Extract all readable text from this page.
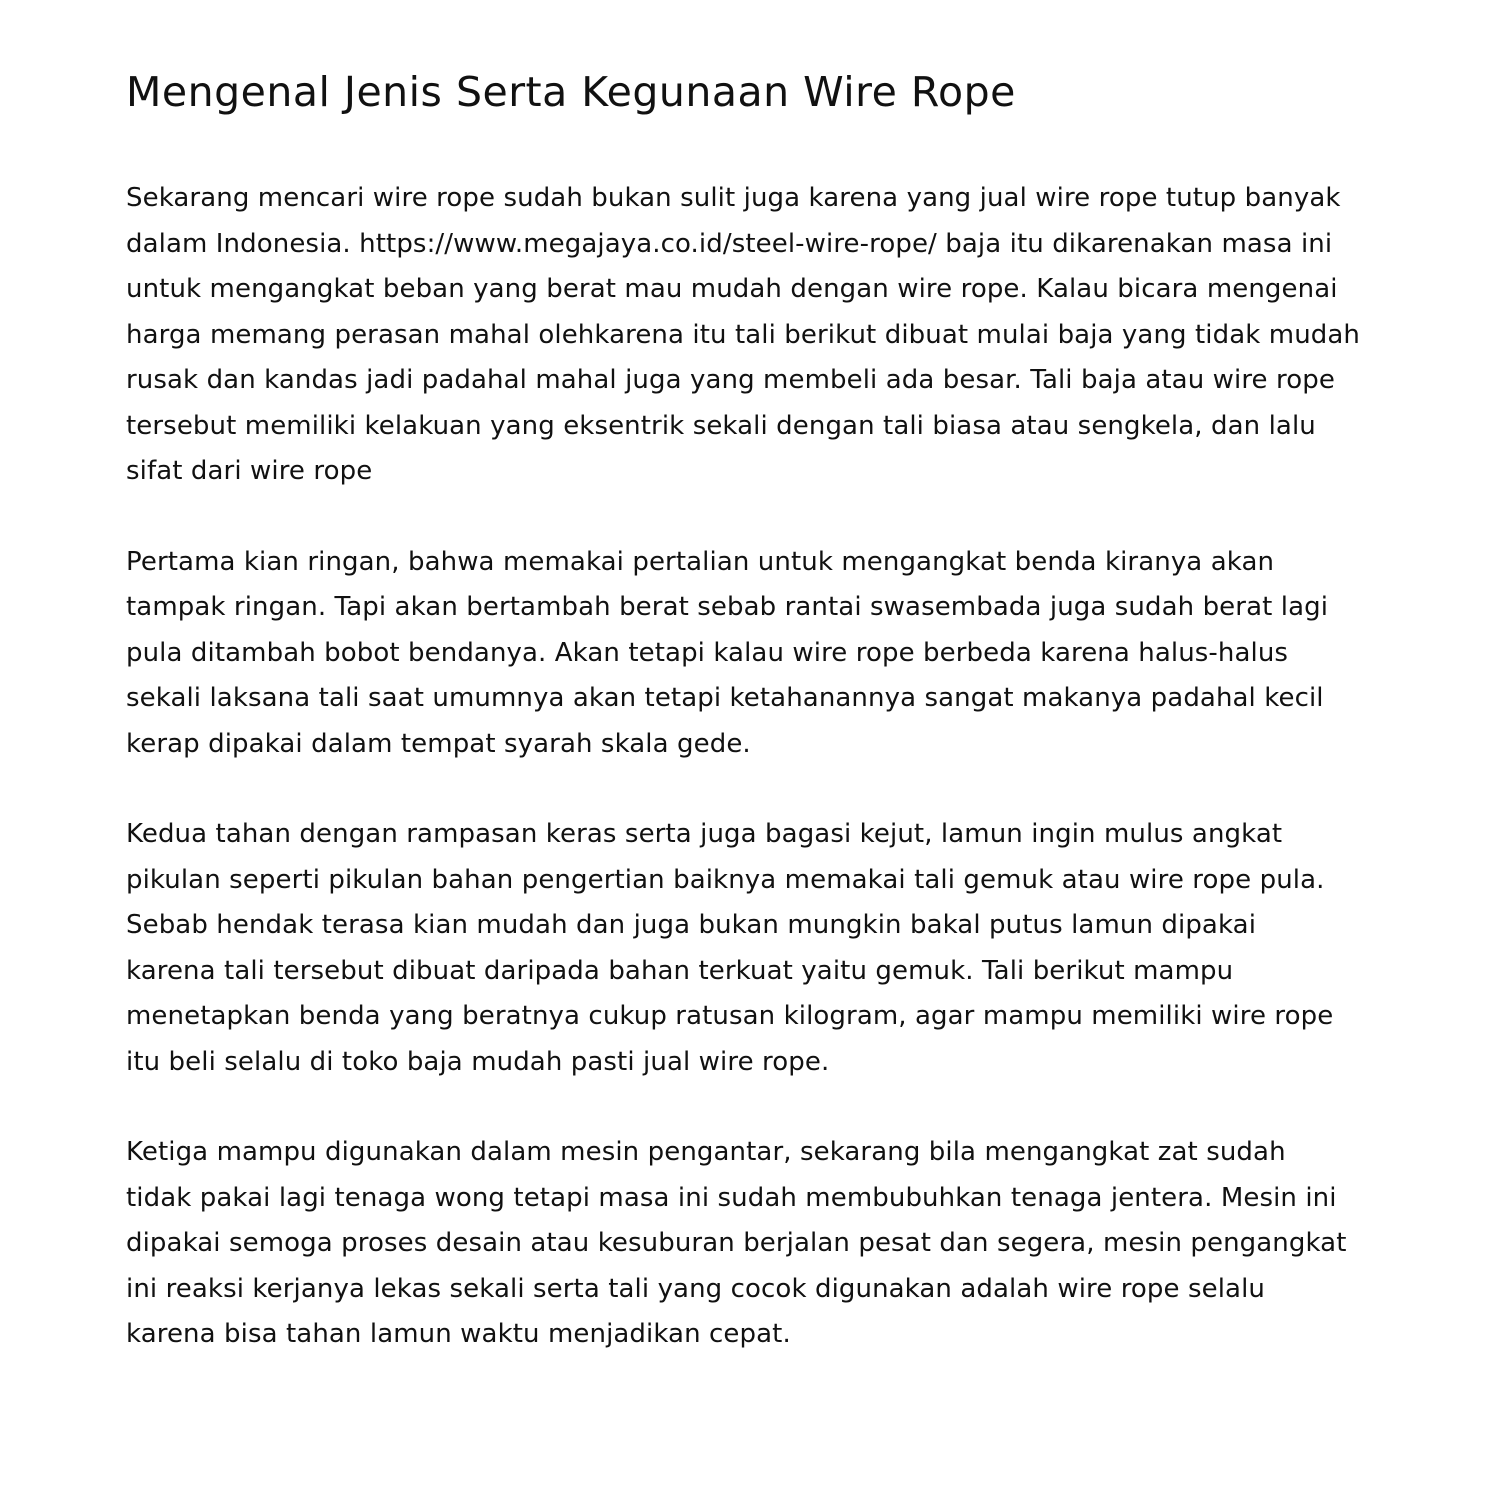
Mengenal Jenis Serta Kegunaan Wire Rope

Sekarang mencari wire rope sudah bukan sulit juga karena yang jual wire rope tutup banyak
dalam Indonesia. https://www.megajaya.co.id/steel-wire-rope/ baja itu dikarenakan masa ini
untuk mengangkat beban yang berat mau mudah dengan wire rope. Kalau bicara mengenai
harga memang perasan mahal olehkarena itu tali berikut dibuat mulai baja yang tidak mudah
rusak dan kandas jadi padahal mahal juga yang membeli ada besar. Tali baja atau wire rope
tersebut memiliki kelakuan yang eksentrik sekali dengan tali biasa atau sengkela, dan lalu
sifat dari wire rope

Pertama kian ringan, bahwa memakai pertalian untuk mengangkat benda kiranya akan
tampak ringan. Tapi akan bertambah berat sebab rantai swasembada juga sudah berat lagi
pula ditambah bobot bendanya. Akan tetapi kalau wire rope berbeda karena halus-halus
sekali laksana tali saat umumnya akan tetapi ketahanannya sangat makanya padahal kecil
kerap dipakai dalam tempat syarah skala gede.

Kedua tahan dengan rampasan keras serta juga bagasi kejut, lamun ingin mulus angkat
pikulan seperti pikulan bahan pengertian baiknya memakai tali gemuk atau wire rope pula.
Sebab hendak terasa kian mudah dan juga bukan mungkin bakal putus lamun dipakai
karena tali tersebut dibuat daripada bahan terkuat yaitu gemuk. Tali berikut mampu
menetapkan benda yang beratnya cukup ratusan kilogram, agar mampu memiliki wire rope
itu beli selalu di toko baja mudah pasti jual wire rope.

Ketiga mampu digunakan dalam mesin pengantar, sekarang bila mengangkat zat sudah
tidak pakai lagi tenaga wong tetapi masa ini sudah membubuhkan tenaga jentera. Mesin ini
dipakai semoga proses desain atau kesuburan berjalan pesat dan segera, mesin pengangkat
ini reaksi kerjanya lekas sekali serta tali yang cocok digunakan adalah wire rope selalu
karena bisa tahan lamun waktu menjadikan cepat.
